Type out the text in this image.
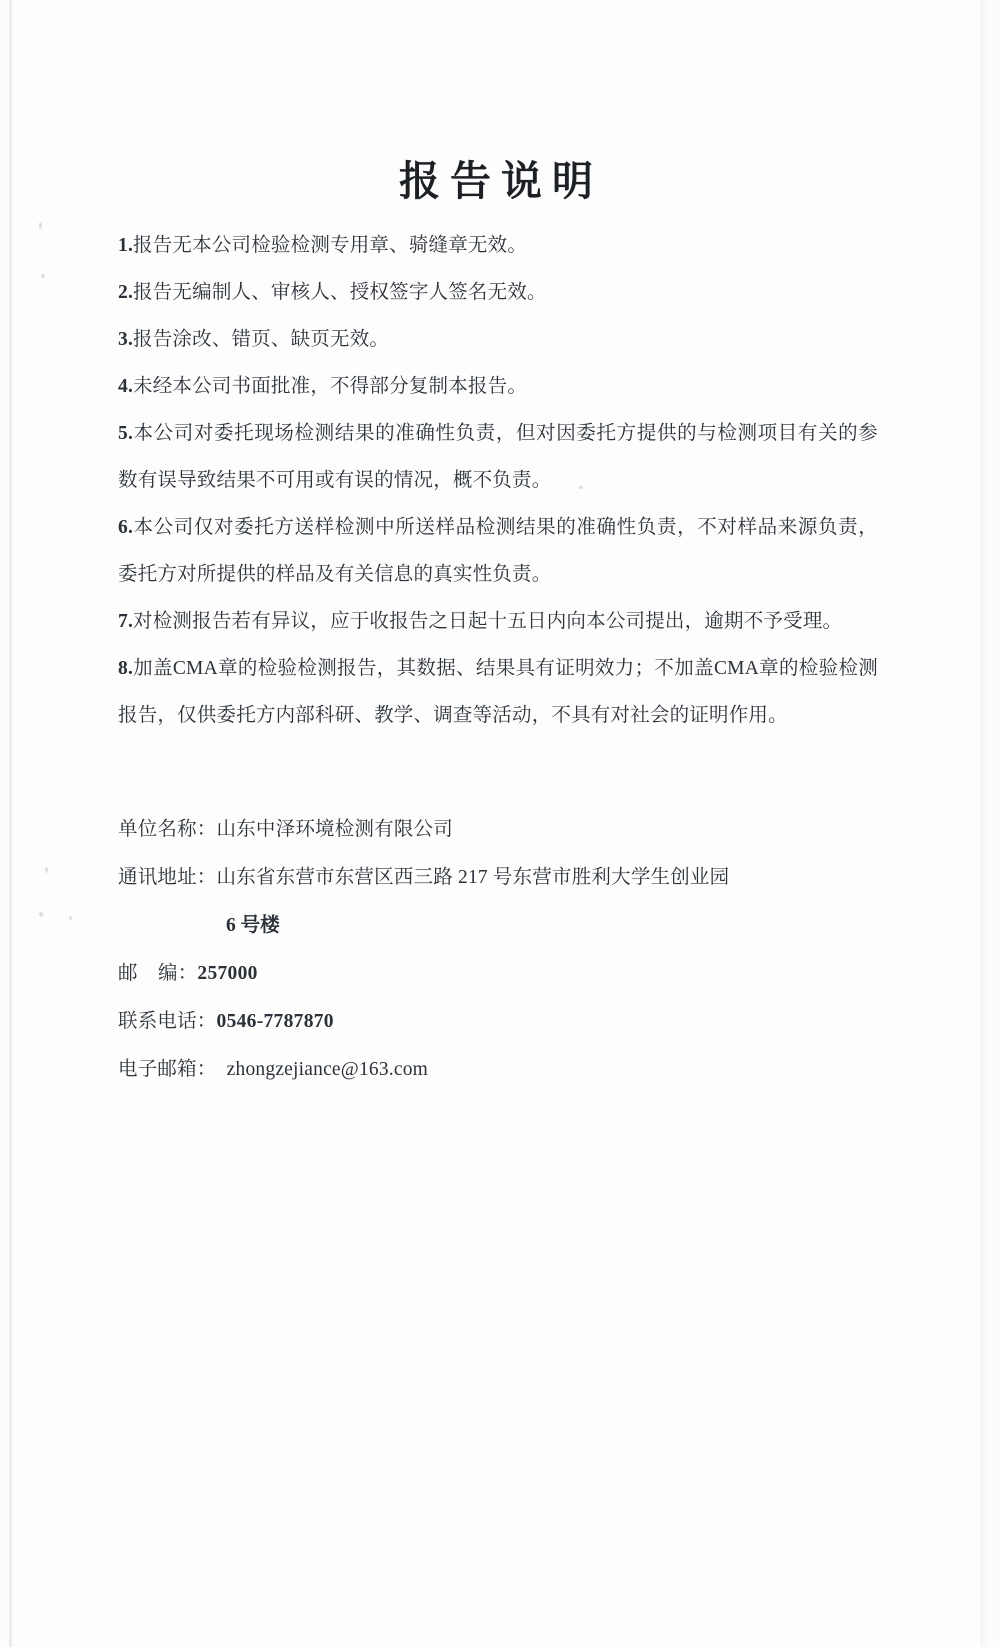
报告说明

1.报告无本公司检验检测专用章、骑缝章无效。

2.报告无编制人、审核人、授权签字人签名无效。

3.报告涂改、错页、缺页无效。

4.未经本公司书面批准，不得部分复制本报告。

5.本公司对委托现场检测结果的准确性负责，但对因委托方提供的与检测项目有关的参数有误导致结果不可用或有误的情况，概不负责。

6.本公司仅对委托方送样检测中所送样品检测结果的准确性负责，不对样品来源负责，委托方对所提供的样品及有关信息的真实性负责。

7.对检测报告若有异议，应于收报告之日起十五日内向本公司提出，逾期不予受理。

8.加盖CMA章的检验检测报告，其数据、结果具有证明效力；不加盖CMA章的检验检测报告，仅供委托方内部科研、教学、调查等活动，不具有对社会的证明作用。

单位名称：山东中泽环境检测有限公司
通讯地址：山东省东营市东营区西三路 217 号东营市胜利大学生创业园
6 号楼
邮    编：257000
联系电话：0546-7787870
电子邮箱：  zhongzejiance@163.com
